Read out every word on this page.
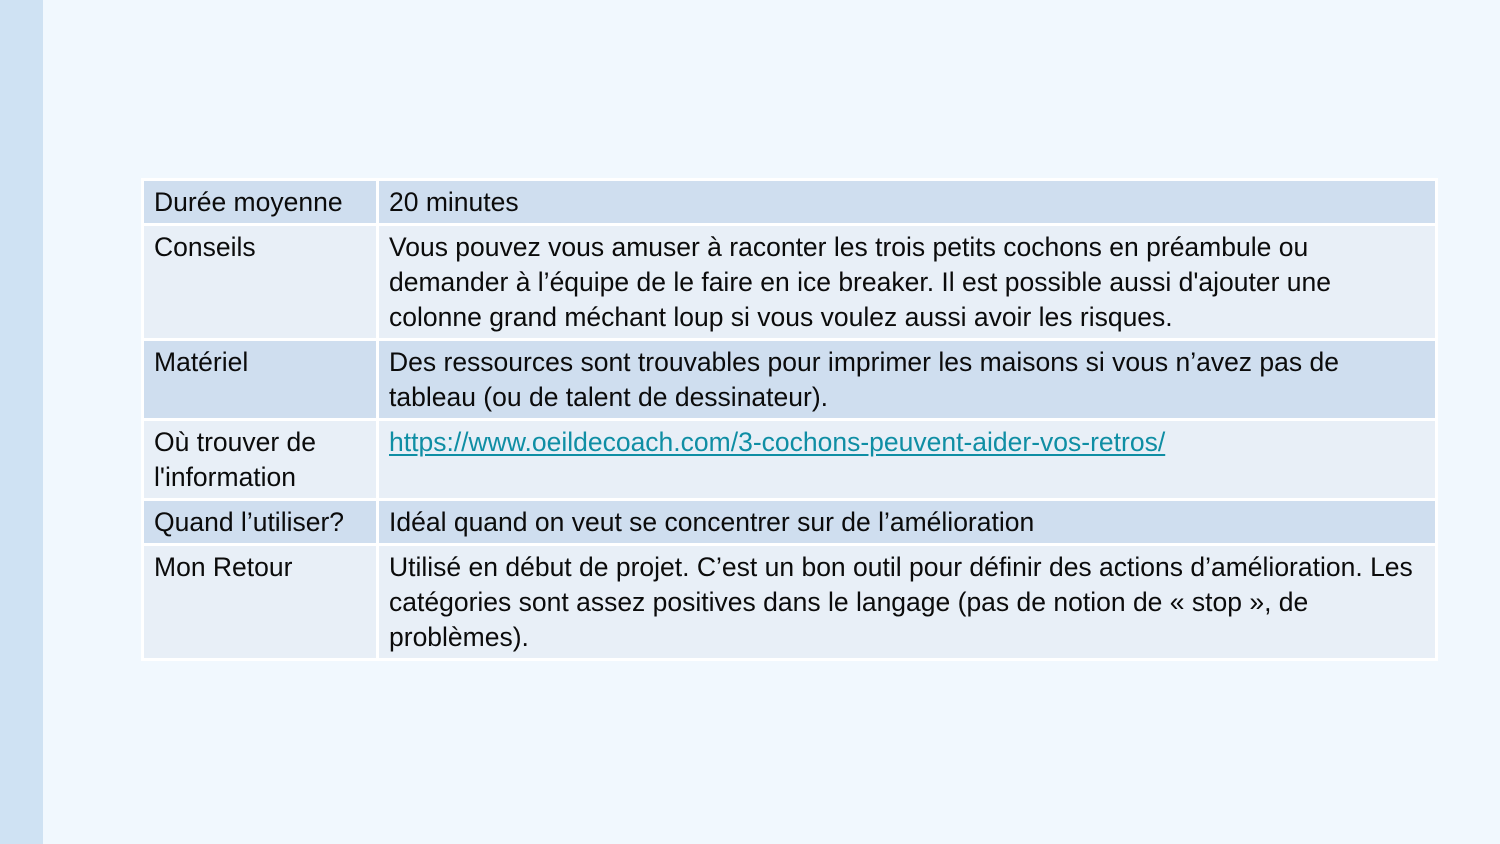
Durée moyenne	20 minutes
Conseils	Vous pouvez vous amuser à raconter les trois petits cochons en préambule ou demander à l’équipe de le faire en ice breaker. Il est possible aussi d'ajouter une colonne grand méchant loup si vous voulez aussi avoir les risques.
Matériel	Des ressources sont trouvables pour imprimer les maisons si vous n’avez pas de tableau (ou de talent de dessinateur).
Où trouver de l'information	https://www.oeildecoach.com/3-cochons-peuvent-aider-vos-retros/
Quand l’utiliser?	Idéal quand on veut se concentrer sur de l’amélioration
Mon Retour	Utilisé en début de projet. C’est un bon outil pour définir des actions d’amélioration. Les catégories sont assez positives dans le langage (pas de notion de « stop », de problèmes).
